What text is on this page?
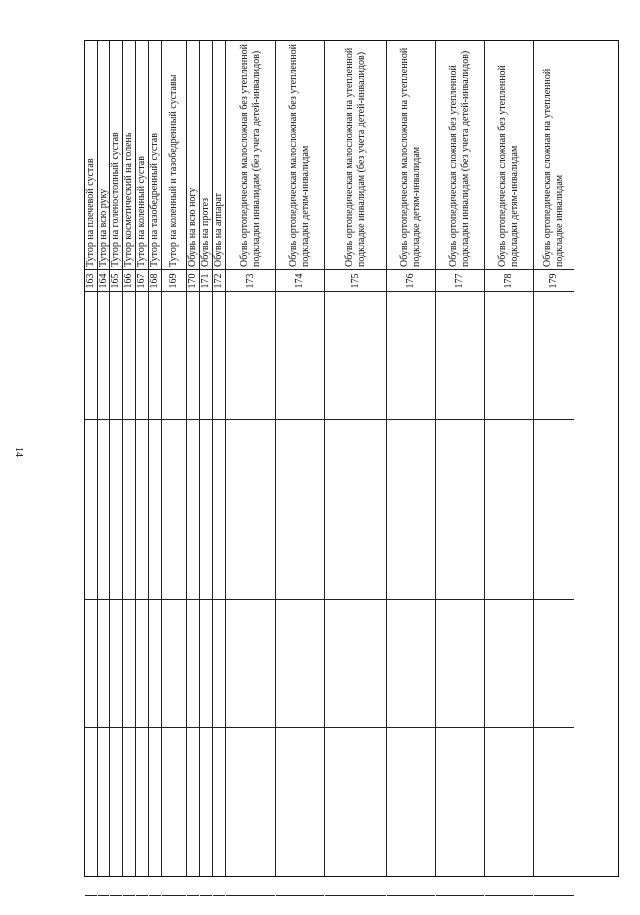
14
Тутор на плечевой сустав
163
Тутор на всю руку
164
Тутор на голеностопный сустав
165
Тутор косметический на голень
166
Тутор на коленный сустав
167
Тутор на тазобедренный сустав
168
Тутор на коленный и тазобедренный суставы
169
Обувь на всю ногу
170
Обувь на протез
171
Обувь на аппарат
172
Обувь ортопедическая малосложная без утепленной подкладки инвалидам (без учета детей-инвалидов)
173
Обувь ортопедическая малосложная без утепленной подкладки детям-инвалидам
174
Обувь ортопедическая малосложная на утепленной подкладке инвалидам (без учета детей-инвалидов)
175
Обувь ортопедическая малосложная на утепленной подкладке детям-инвалидам
176
Обувь ортопедическая сложная без утепленной подкладки инвалидам (без учета детей-инвалидов)
177
Обувь ортопедическая сложная без утепленной подкладки детям-инвалидам
178
Обувь ортопедическая сложная на утепленной подкладке инвалидам
179
